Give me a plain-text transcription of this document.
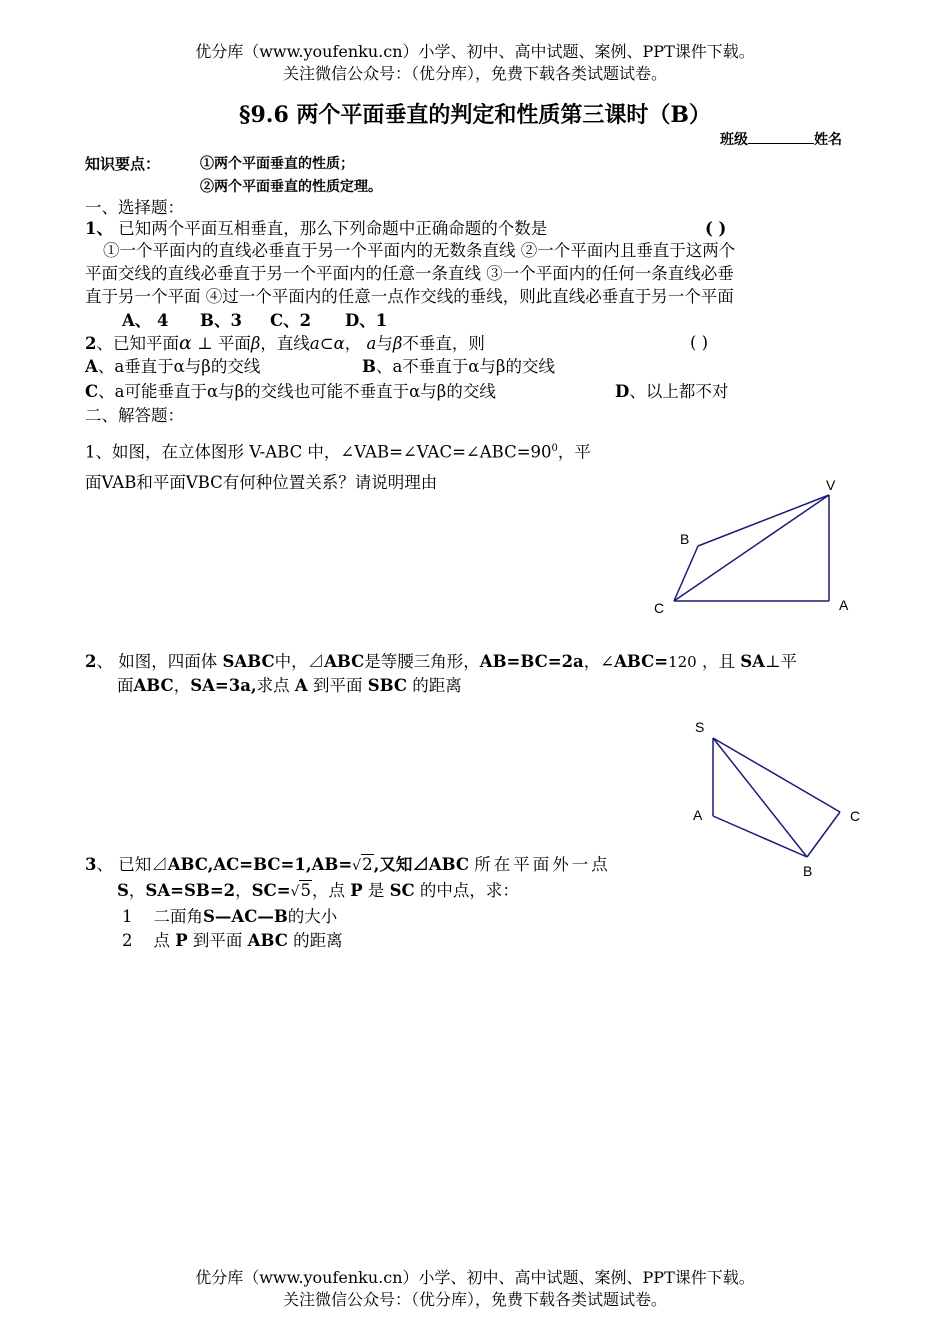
优分库（www.youfenku.cn）小学、初中、高中试题、案例、PPT课件下载。
关注微信公众号：（优分库），免费下载各类试题试卷。
§9.6 两个平面垂直的判定和性质第三课时（B）
班级	姓名
知识要点：	①两个平面垂直的性质；
②两个平面垂直的性质定理。
一、选择题：
1、 已知两个平面互相垂直，那么下列命题中正确命题的个数是	( )
①一个平面内的直线必垂直于另一个平面内的无数条直线 ②一个平面内且垂直于这两个
平面交线的直线必垂直于另一个平面内的任意一条直线 ③一个平面内的任何一条直线必垂
直于另一个平面 ④过一个平面内的任意一点作交线的垂线，则此直线必垂直于另一个平面
A、 4 B、3 C、2 D、1
2、已知平面α ⊥ 平面β，直线a⊂α， a与β不垂直，则	( )
A、a垂直于α与β的交线	B、a不垂直于α与β的交线
C、a可能垂直于α与β的交线也可能不垂直于α与β的交线	D、以上都不对
二、解答题：
1、如图，在立体图形 V-ABC 中，$\angle VAB=\angle VAC=\angle ABC=90^0$，平
面VAB和平面VBC有何种位置关系？请说明理由	V
B
C	A
2、 如图，四面体 SABC中，⊿ABC是等腰三角形，AB=BC=2a，∠ABC=120 ，且 SA⊥平
面ABC，SA=3a,求点 A 到平面 SBC 的距离
S
A	C
B
3、 已知⊿ABC,AC=BC=1,AB=√2,又知⊿ABC 所在平面外一点
S，SA=SB=2，SC=√5，点 P 是 SC 的中点，求：
1 二面角S—AC—B的大小
2 点 P 到平面 ABC 的距离
优分库（www.youfenku.cn）小学、初中、高中试题、案例、PPT课件下载。
关注微信公众号：（优分库），免费下载各类试题试卷。
